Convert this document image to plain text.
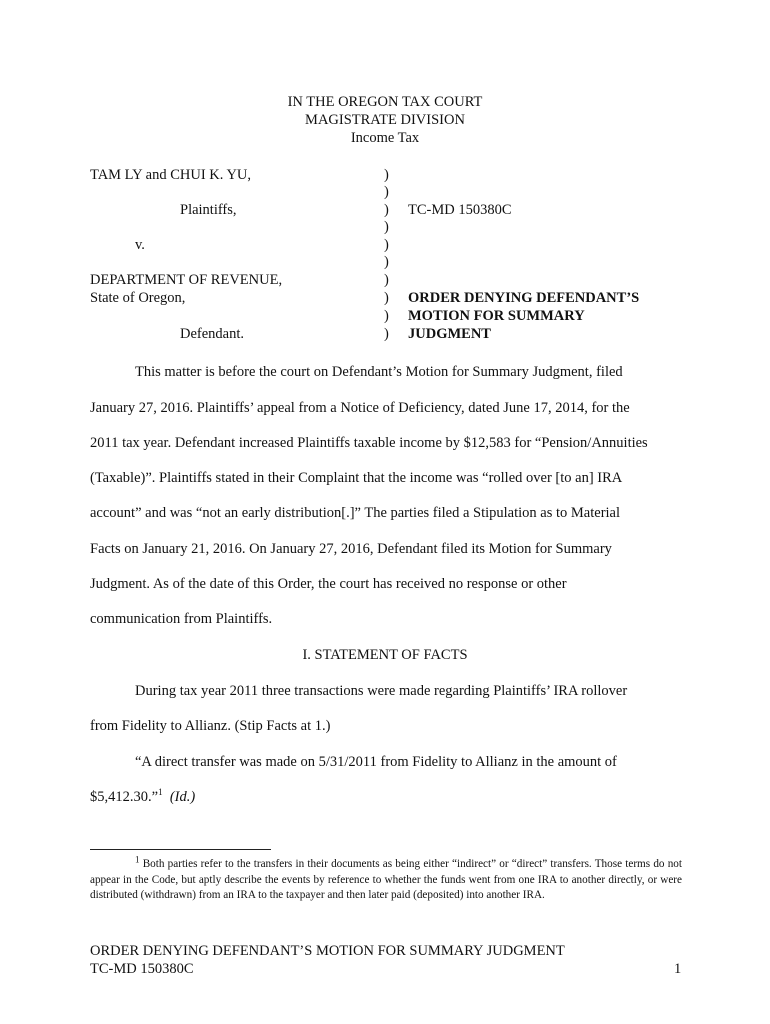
IN THE OREGON TAX COURT
MAGISTRATE DIVISION
Income Tax
TAM LY and CHUI K. YU,
Plaintiffs,
v.
DEPARTMENT OF REVENUE,
State of Oregon,
Defendant.
)
)
)
)
)
)
)
)
)
)
TC-MD 150380C
ORDER DENYING DEFENDANT’S
MOTION FOR SUMMARY
JUDGMENT
This matter is before the court on Defendant’s Motion for Summary Judgment, filed
January 27, 2016. Plaintiffs’ appeal from a Notice of Deficiency, dated June 17, 2014, for the
2011 tax year. Defendant increased Plaintiffs taxable income by $12,583 for “Pension/Annuities
(Taxable)”. Plaintiffs stated in their Complaint that the income was “rolled over [to an] IRA
account” and was “not an early distribution[.]” The parties filed a Stipulation as to Material
Facts on January 21, 2016. On January 27, 2016, Defendant filed its Motion for Summary
Judgment. As of the date of this Order, the court has received no response or other
communication from Plaintiffs.
I. STATEMENT OF FACTS
During tax year 2011 three transactions were made regarding Plaintiffs’ IRA rollover
from Fidelity to Allianz. (Stip Facts at 1.)
“A direct transfer was made on 5/31/2011 from Fidelity to Allianz in the amount of
$5,412.30.”$^1$ (Id.)
$^1$ Both parties refer to the transfers in their documents as being either “indirect” or “direct” transfers. Those terms do not appear in the Code, but aptly describe the events by reference to whether the funds went from one IRA to another directly, or were distributed (withdrawn) from an IRA to the taxpayer and then later paid (deposited) into another IRA.
ORDER DENYING DEFENDANT’S MOTION FOR SUMMARY JUDGMENT
TC-MD 150380C	1
